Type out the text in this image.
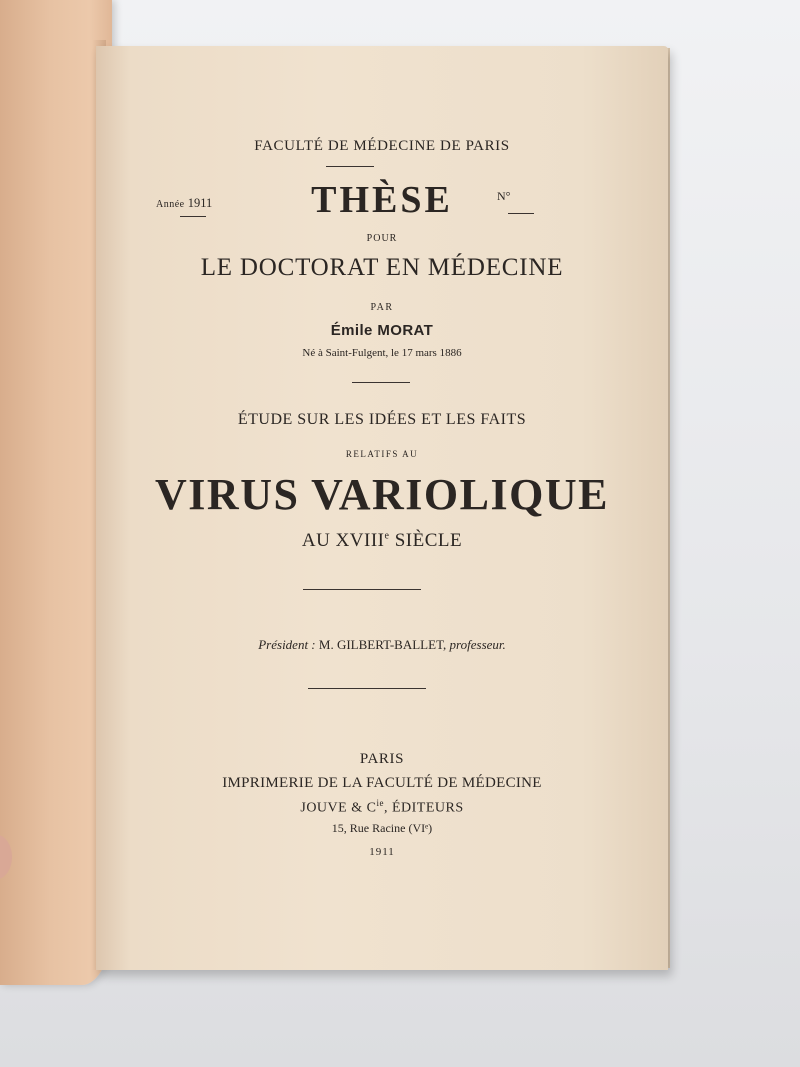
FACULTÉ DE MÉDECINE DE PARIS
Année 1911	THÈSE	N°
POUR
LE DOCTORAT EN MÉDECINE
PAR
Émile MORAT
Né à Saint-Fulgent, le 17 mars 1886
ÉTUDE SUR LES IDÉES ET LES FAITS
RELATIFS AU
VIRUS VARIOLIQUE
AU XVIIIe SIÈCLE
Président : M. GILBERT-BALLET, professeur.
PARIS
IMPRIMERIE DE LA FACULTÉ DE MÉDECINE
JOUVE & $C^{ie}$, ÉDITEURS
15, Rue Racine (VIᵉ)
1911
